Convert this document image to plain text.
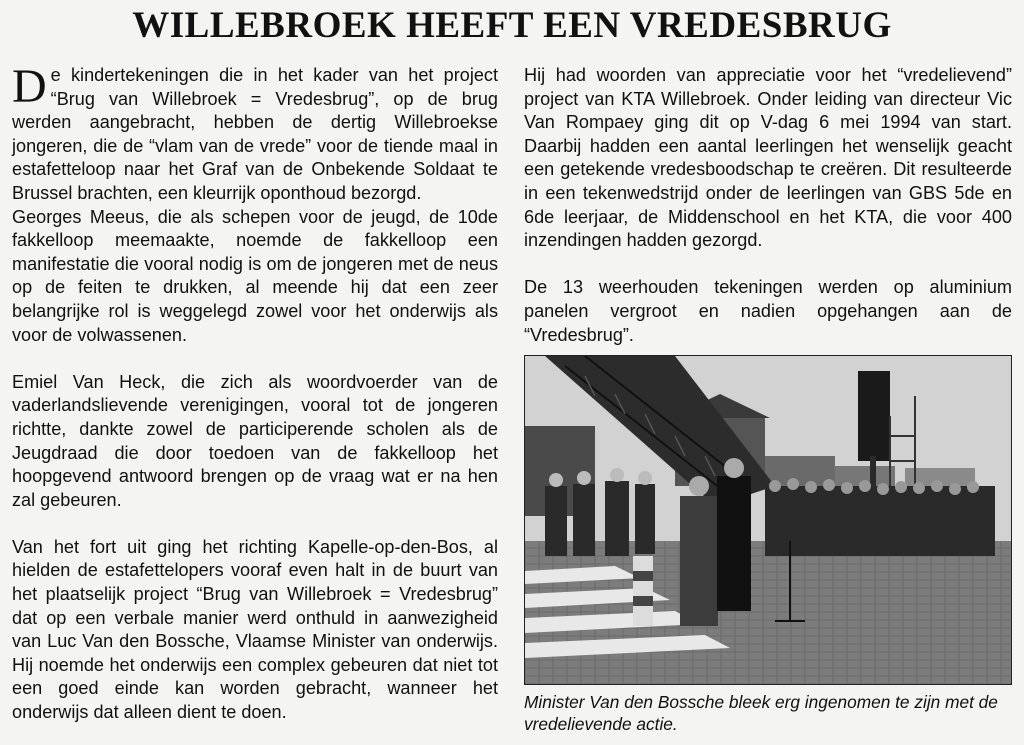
WILLEBROEK HEEFT EEN VREDESBRUG

De kindertekeningen die in het kader van het project “Brug van Willebroek = Vredesbrug”, op de brug werden aangebracht, hebben de dertig Willebroekse jongeren, die de “vlam van de vrede” voor de tiende maal in estafetteloop naar het Graf van de Onbekende Soldaat te Brussel brachten, een kleurrijk oponthoud bezorgd.

Georges Meeus, die als schepen voor de jeugd, de 10de fakkelloop meemaakte, noemde de fakkelloop een manifestatie die vooral nodig is om de jongeren met de neus op de feiten te drukken, al meende hij dat een zeer belangrijke rol is weggelegd zowel voor het onderwijs als voor de volwassenen.

Emiel Van Heck, die zich als woordvoerder van de vaderlandslievende verenigingen, vooral tot de jongeren richtte, dankte zowel de participerende scholen als de Jeugdraad die door toedoen van de fakkelloop het hoopgevend antwoord brengen op de vraag wat er na hen zal gebeuren.

Van het fort uit ging het richting Kapelle-op-den-Bos, al hielden de estafettelopers vooraf even halt in de buurt van het plaatselijk project “Brug van Willebroek = Vredesbrug” dat op een verbale manier werd onthuld in aanwezigheid van Luc Van den Bossche, Vlaamse Minister van onderwijs. Hij noemde het onderwijs een complex gebeuren dat niet tot een goed einde kan worden gebracht, wanneer het onderwijs dat alleen dient te doen.

Hij had woorden van appreciatie voor het “vredelievend” project van KTA Willebroek. Onder leiding van directeur Vic Van Rompaey ging dit op V-dag 6 mei 1994 van start. Daarbij hadden een aantal leerlingen het wenselijk geacht een getekende vredesboodschap te creëren. Dit resulteerde in een tekenwedstrijd onder de leerlingen van GBS 5de en 6de leerjaar, de Middenschool en het KTA, die voor 400 inzendingen hadden gezorgd.

De 13 weerhouden tekeningen werden op aluminium panelen vergroot en nadien opgehangen aan de “Vredesbrug”.

Minister Van den Bossche bleek erg ingenomen te zijn met de vredelievende actie.
